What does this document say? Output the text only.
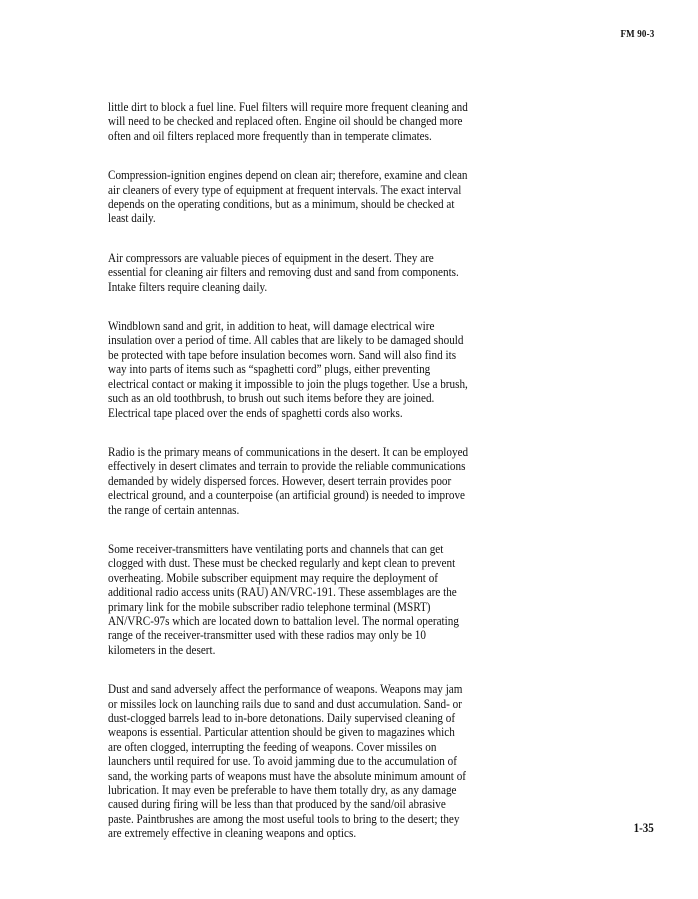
FM 90-3

little dirt to block a fuel line. Fuel filters will require more frequent cleaning and
will need to be checked and replaced often. Engine oil should be changed more
often and oil filters replaced more frequently than in temperate climates.

Compression-ignition engines depend on clean air; therefore, examine and clean
air cleaners of every type of equipment at frequent intervals. The exact interval
depends on the operating conditions, but as a minimum, should be checked at
least daily.

Air compressors are valuable pieces of equipment in the desert. They are
essential for cleaning air filters and removing dust and sand from components.
Intake filters require cleaning daily.

Windblown sand and grit, in addition to heat, will damage electrical wire
insulation over a period of time. All cables that are likely to be damaged should
be protected with tape before insulation becomes worn. Sand will also find its
way into parts of items such as “spaghetti cord” plugs, either preventing
electrical contact or making it impossible to join the plugs together. Use a brush,
such as an old toothbrush, to brush out such items before they are joined.
Electrical tape placed over the ends of spaghetti cords also works.

Radio is the primary means of communications in the desert. It can be employed
effectively in desert climates and terrain to provide the reliable communications
demanded by widely dispersed forces. However, desert terrain provides poor
electrical ground, and a counterpoise (an artificial ground) is needed to improve
the range of certain antennas.

Some receiver-transmitters have ventilating ports and channels that can get
clogged with dust. These must be checked regularly and kept clean to prevent
overheating. Mobile subscriber equipment may require the deployment of
additional radio access units (RAU) AN/VRC-191. These assemblages are the
primary link for the mobile subscriber radio telephone terminal (MSRT)
AN/VRC-97s which are located down to battalion level. The normal operating
range of the receiver-transmitter used with these radios may only be 10
kilometers in the desert.

Dust and sand adversely affect the performance of weapons. Weapons may jam
or missiles lock on launching rails due to sand and dust accumulation. Sand- or
dust-clogged barrels lead to in-bore detonations. Daily supervised cleaning of
weapons is essential. Particular attention should be given to magazines which
are often clogged, interrupting the feeding of weapons. Cover missiles on
launchers until required for use. To avoid jamming due to the accumulation of
sand, the working parts of weapons must have the absolute minimum amount of
lubrication. It may even be preferable to have them totally dry, as any damage
caused during firing will be less than that produced by the sand/oil abrasive
paste. Paintbrushes are among the most useful tools to bring to the desert; they
are extremely effective in cleaning weapons and optics.	1-35
